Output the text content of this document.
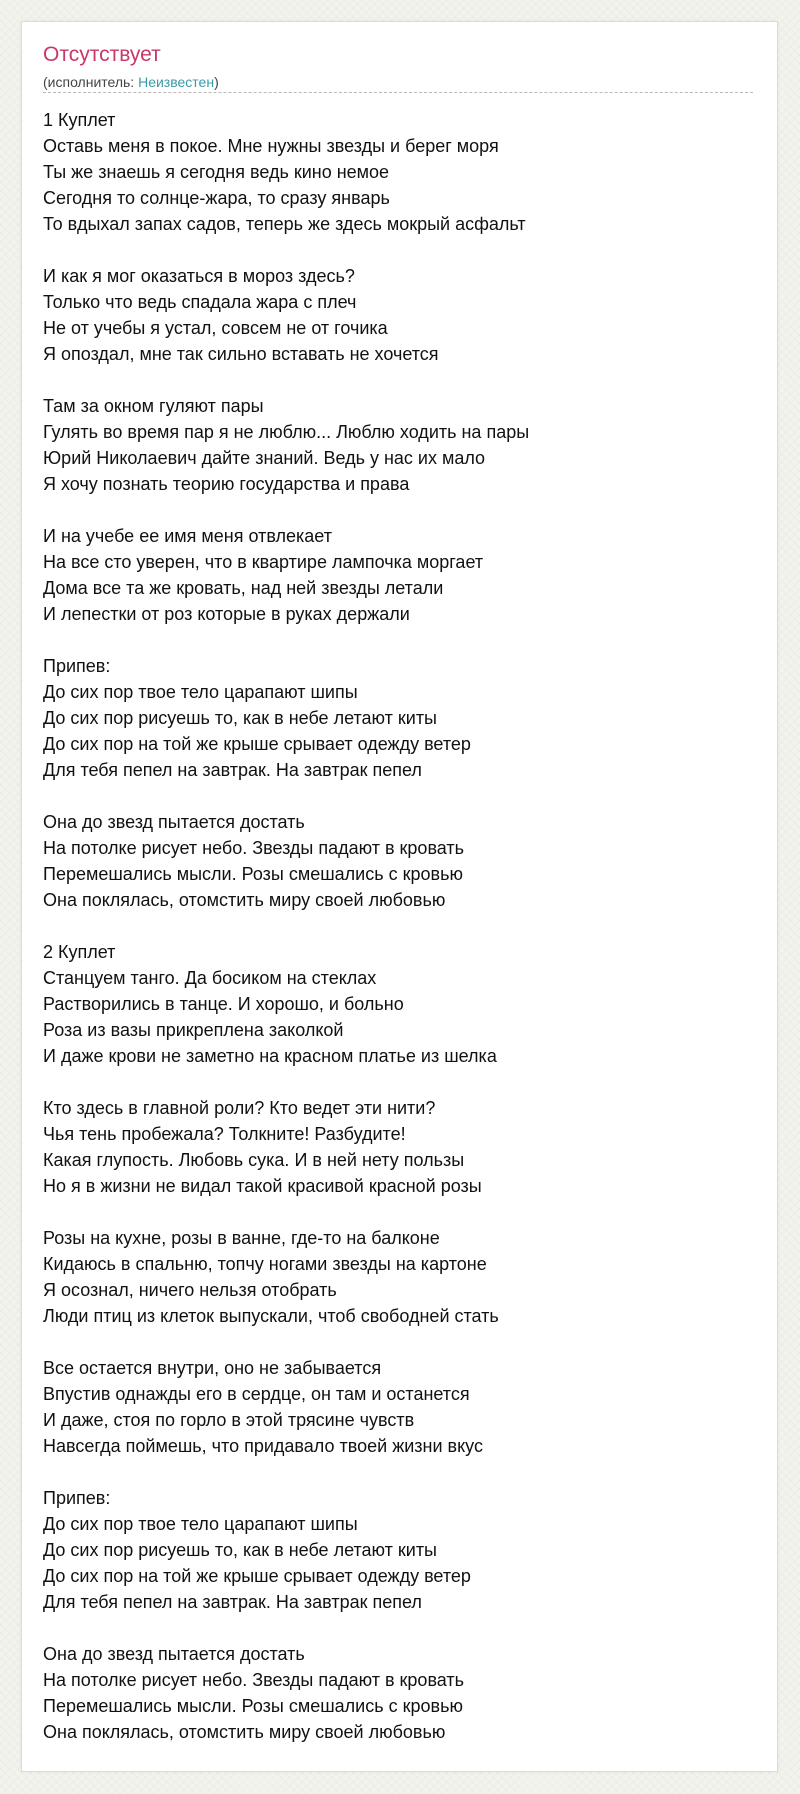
Отсутствует
(исполнитель: Неизвестен)
1 Куплет
Оставь меня в покое. Мне нужны звезды и берег моря
Ты же знаешь я сегодня ведь кино немое
Сегодня то солнце-жара, то сразу январь
То вдыхал запах садов, теперь же здесь мокрый асфальт
И как я мог оказаться в мороз здесь?
Только что ведь спадала жара с плеч
Не от учебы я устал, совсем не от гочика
Я опоздал, мне так сильно вставать не хочется
Там за окном гуляют пары
Гулять во время пар я не люблю... Люблю ходить на пары
Юрий Николаевич дайте знаний. Ведь у нас их мало
Я хочу познать теорию государства и права
И на учебе ее имя меня отвлекает
На все сто уверен, что в квартире лампочка моргает
Дома все та же кровать, над ней звезды летали
И лепестки от роз которые в руках держали
Припев:
До сих пор твое тело царапают шипы
До сих пор рисуешь то, как в небе летают киты
До сих пор на той же крыше срывает одежду ветер
Для тебя пепел на завтрак. На завтрак пепел
Она до звезд пытается достать
На потолке рисует небо. Звезды падают в кровать
Перемешались мысли. Розы смешались с кровью
Она поклялась, отомстить миру своей любовью
2 Куплет
Станцуем танго. Да босиком на стеклах
Растворились в танце. И хорошо, и больно
Роза из вазы прикреплена заколкой
И даже крови не заметно на красном платье из шелка
Кто здесь в главной роли? Кто ведет эти нити?
Чья тень пробежала? Толкните! Разбудите!
Какая глупость. Любовь сука. И в ней нету пользы
Но я в жизни не видал такой красивой красной розы
Розы на кухне, розы в ванне, где-то на балконе
Кидаюсь в спальню, топчу ногами звезды на картоне
Я осознал, ничего нельзя отобрать
Люди птиц из клеток выпускали, чтоб свободней стать
Все остается внутри, оно не забывается
Впустив однажды его в сердце, он там и останется
И даже, стоя по горло в этой трясине чувств
Навсегда поймешь, что придавало твоей жизни вкус
Припев:
До сих пор твое тело царапают шипы
До сих пор рисуешь то, как в небе летают киты
До сих пор на той же крыше срывает одежду ветер
Для тебя пепел на завтрак. На завтрак пепел
Она до звезд пытается достать
На потолке рисует небо. Звезды падают в кровать
Перемешались мысли. Розы смешались с кровью
Она поклялась, отомстить миру своей любовью
